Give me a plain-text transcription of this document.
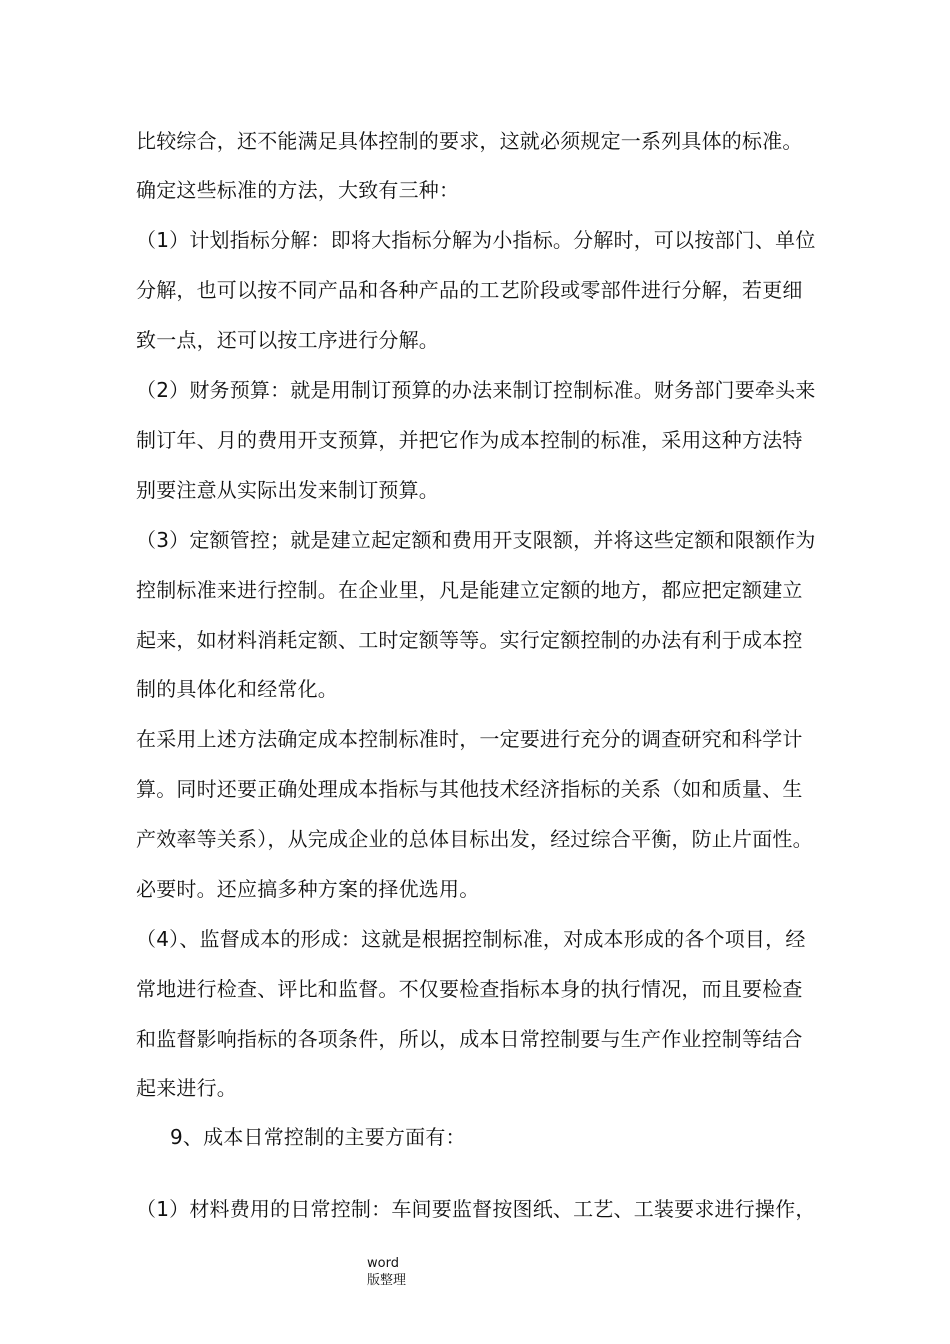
比较综合，还不能满足具体控制的要求，这就必须规定一系列具体的标准。
确定这些标准的方法，大致有三种：
（1）计划指标分解：即将大指标分解为小指标。分解时，可以按部门、单位
分解，也可以按不同产品和各种产品的工艺阶段或零部件进行分解，若更细
致一点，还可以按工序进行分解。
（2）财务预算：就是用制订预算的办法来制订控制标准。财务部门要牵头来
制订年、月的费用开支预算，并把它作为成本控制的标准，采用这种方法特
别要注意从实际出发来制订预算。
（3）定额管控；就是建立起定额和费用开支限额，并将这些定额和限额作为
控制标准来进行控制。在企业里，凡是能建立定额的地方，都应把定额建立
起来，如材料消耗定额、工时定额等等。实行定额控制的办法有利于成本控
制的具体化和经常化。
在采用上述方法确定成本控制标准时，一定要进行充分的调查研究和科学计
算。同时还要正确处理成本指标与其他技术经济指标的关系（如和质量、生
产效率等关系），从完成企业的总体目标出发，经过综合平衡，防止片面性。
必要时。还应搞多种方案的择优选用。
（4）、监督成本的形成：这就是根据控制标准，对成本形成的各个项目，经
常地进行检查、评比和监督。不仅要检查指标本身的执行情况，而且要检查
和监督影响指标的各项条件，所以，成本日常控制要与生产作业控制等结合
起来进行。
9、成本日常控制的主要方面有：
（1）材料费用的日常控制：车间要监督按图纸、工艺、工装要求进行操作，
word
版整理
